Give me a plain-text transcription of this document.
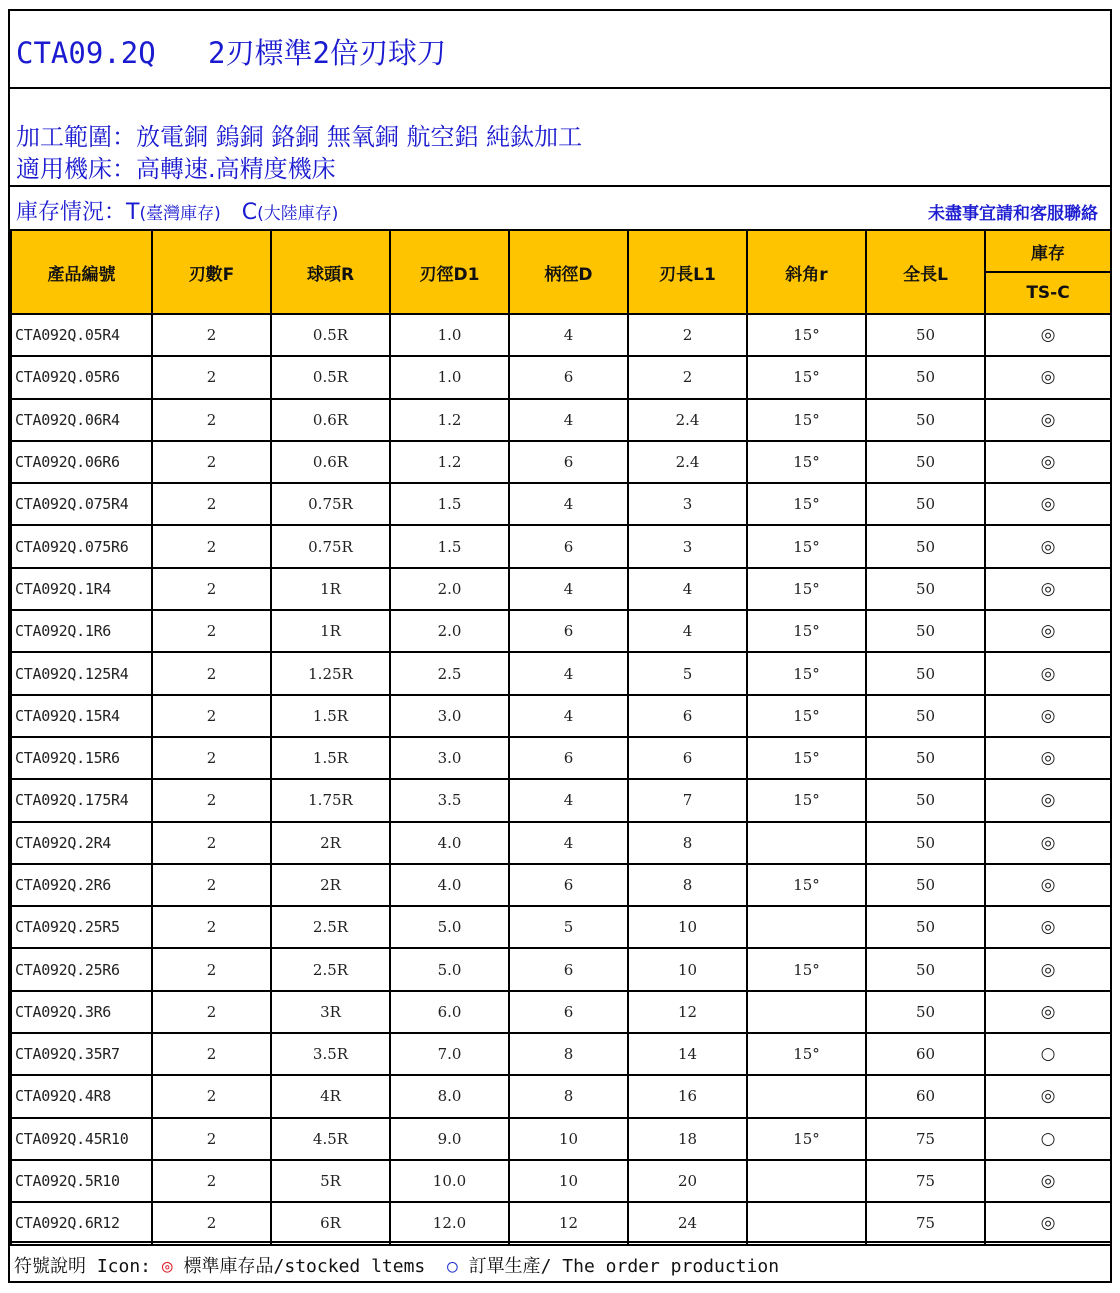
CTA09.2Q   2刃標準2倍刃球刀
加工範圍：放電銅 鎢銅 鉻銅 無氧銅 航空鋁 純鈦加工
適用機床：高轉速.高精度機床
庫存情況：T(臺灣庫存) C(大陸庫存)	未盡事宜請和客服聯絡
產品編號	刃數F	球頭R	刃徑D1	柄徑D	刃長L1	斜角r	全長L	庫存
								TS-C
CTA092Q.05R4	2	0.5R	1.0	4	2	15°	50	◎
CTA092Q.05R6	2	0.5R	1.0	6	2	15°	50	◎
CTA092Q.06R4	2	0.6R	1.2	4	2.4	15°	50	◎
CTA092Q.06R6	2	0.6R	1.2	6	2.4	15°	50	◎
CTA092Q.075R4	2	0.75R	1.5	4	3	15°	50	◎
CTA092Q.075R6	2	0.75R	1.5	6	3	15°	50	◎
CTA092Q.1R4	2	1R	2.0	4	4	15°	50	◎
CTA092Q.1R6	2	1R	2.0	6	4	15°	50	◎
CTA092Q.125R4	2	1.25R	2.5	4	5	15°	50	◎
CTA092Q.15R4	2	1.5R	3.0	4	6	15°	50	◎
CTA092Q.15R6	2	1.5R	3.0	6	6	15°	50	◎
CTA092Q.175R4	2	1.75R	3.5	4	7	15°	50	◎
CTA092Q.2R4	2	2R	4.0	4	8		50	◎
CTA092Q.2R6	2	2R	4.0	6	8	15°	50	◎
CTA092Q.25R5	2	2.5R	5.0	5	10		50	◎
CTA092Q.25R6	2	2.5R	5.0	6	10	15°	50	◎
CTA092Q.3R6	2	3R	6.0	6	12		50	◎
CTA092Q.35R7	2	3.5R	7.0	8	14	15°	60	○
CTA092Q.4R8	2	4R	8.0	8	16		60	◎
CTA092Q.45R10	2	4.5R	9.0	10	18	15°	75	○
CTA092Q.5R10	2	5R	10.0	10	20		75	◎
CTA092Q.6R12	2	6R	12.0	12	24		75	◎
符號說明 Icon: ◎ 標準庫存品/stocked ltems  ○ 訂單生產/ The order production
